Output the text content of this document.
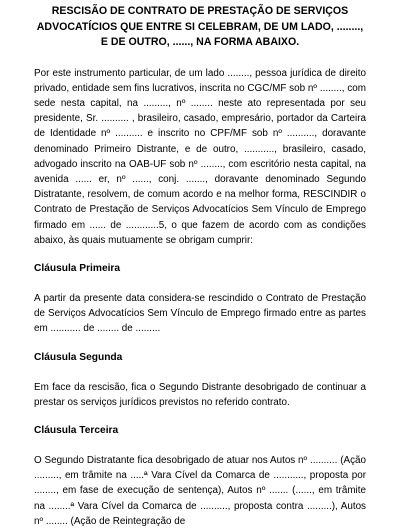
RESCISÃO DE CONTRATO DE PRESTAÇÃO DE SERVIÇOS ADVOCATÍCIOS QUE ENTRE SI CELEBRAM, DE UM LADO, ........, E DE OUTRO, ......, NA FORMA ABAIXO.
Por este instrumento particular, de um lado ........, pessoa jurídica de direito privado, entidade sem fins lucrativos, inscrita no CGC/MF sob nº ........, com sede nesta capital, na ........., nº ........ neste ato representada por seu presidente, Sr. .......... , brasileiro, casado, empresário, portador da Carteira de Identidade nº .......... e inscrito no CPF/MF sob nº .........., doravante denominado Primeiro Distrante, e de outro, ..........., brasileiro, casado, advogado inscrito na OAB-UF sob nº ........, com escritório nesta capital, na avenida ...... er, nº ......, conj. ......., doravante denominado Segundo Distratante, resolvem, de comum acordo e na melhor forma, RESCINDIR o Contrato de Prestação de Serviços Advocatícios Sem Vínculo de Emprego firmado em ...... de ............5, o que fazem de acordo com as condições abaixo, às quais mutuamente se obrigam cumprir:
Cláusula Primeira
A partir da presente data considera-se rescindido o Contrato de Prestação de Serviços Advocatícios Sem Vínculo de Emprego firmado entre as partes em ........... de ........ de .........
Cláusula Segunda
Em face da rescisão, fica o Segundo Distrante desobrigado de continuar a prestar os serviços jurídicos previstos no referido contrato.
Cláusula Terceira
O Segundo Distratante fica desobrigado de atuar nos Autos nº .......... (Ação ........., em trâmite na .....ª Vara Cível da Comarca de ..........., proposta por ........, em fase de execução de sentença), Autos nº ....... (......, em trâmite na ........ª Vara Cível da Comarca de .........., proposta contra .........), Autos nº ........ (Ação de Reintegração de
